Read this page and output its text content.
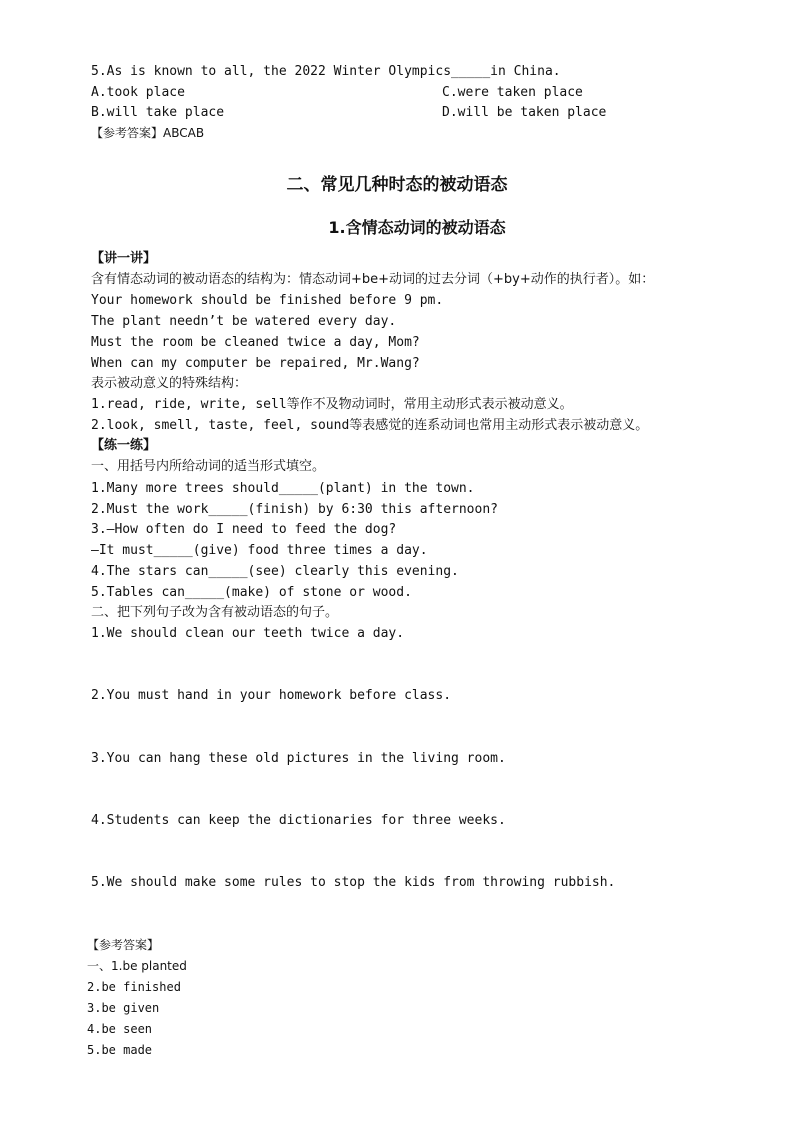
5.As is known to all, the 2022 Winter Olympics_____in China.
A.took place	C.were taken place
B.will take place	D.will be taken place
【参考答案】ABCAB
二、常见几种时态的被动语态
1.含情态动词的被动语态
【讲一讲】
含有情态动词的被动语态的结构为：情态动词+be+动词的过去分词（+by+动作的执行者）。如：
Your homework should be finished before 9 pm.
The plant needn’t be watered every day.
Must the room be cleaned twice a day, Mom?
When can my computer be repaired, Mr.Wang?
表示被动意义的特殊结构：
1.read, ride, write, sell等作不及物动词时，常用主动形式表示被动意义。
2.look, smell, taste, feel, sound等表感觉的连系动词也常用主动形式表示被动意义。
【练一练】
一、用括号内所给动词的适当形式填空。
1.Many more trees should_____(plant) in the town.
2.Must the work_____(finish) by 6:30 this afternoon?
3.—How often do I need to feed the dog?
—It must_____(give) food three times a day.
4.The stars can_____(see) clearly this evening.
5.Tables can_____(make) of stone or wood.
二、把下列句子改为含有被动语态的句子。
1.We should clean our teeth twice a day.
2.You must hand in your homework before class.
3.You can hang these old pictures in the living room.
4.Students can keep the dictionaries for three weeks.
5.We should make some rules to stop the kids from throwing rubbish.
【参考答案】
一、1.be planted
2.be finished
3.be given
4.be seen
5.be made
